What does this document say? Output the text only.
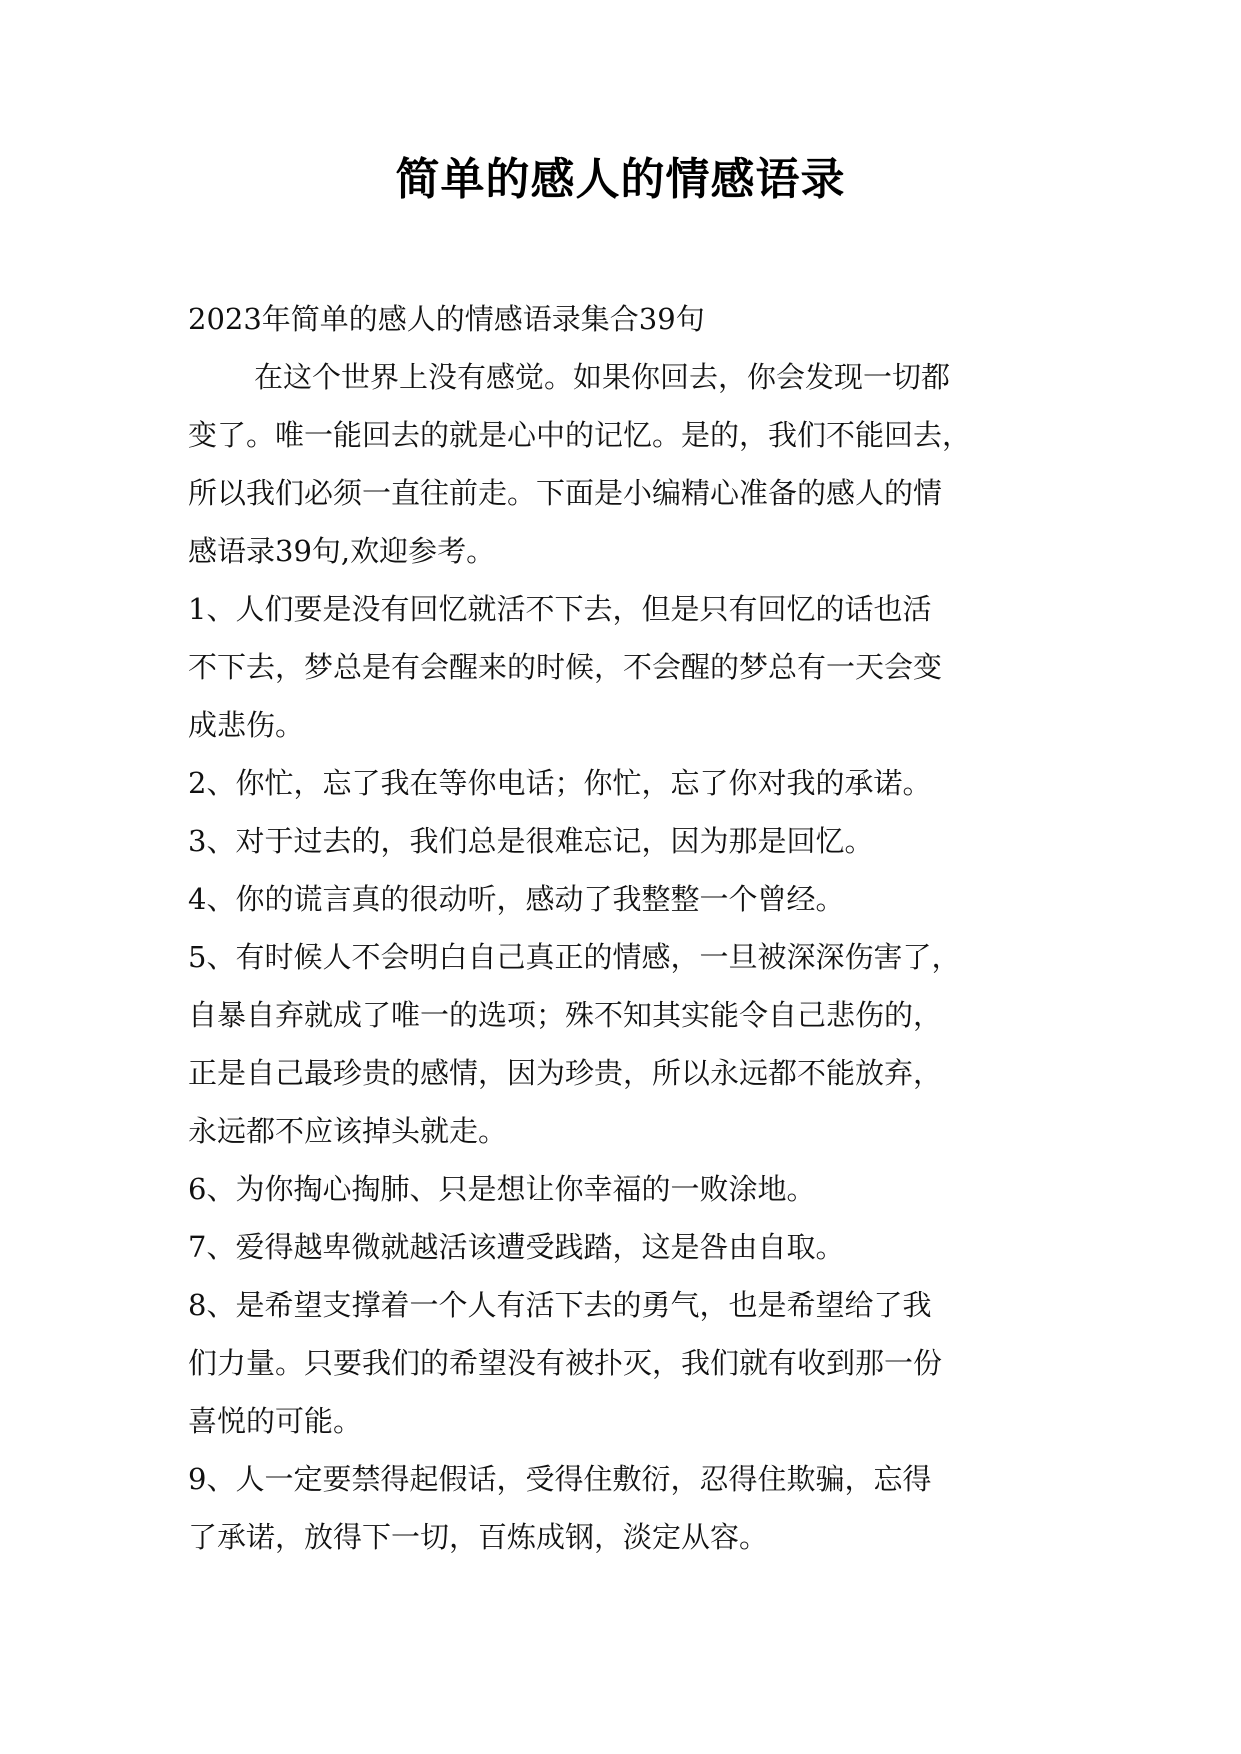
简单的感人的情感语录
2023年简单的感人的情感语录集合39句
在这个世界上没有感觉。如果你回去，你会发现一切都
变了。唯一能回去的就是心中的记忆。是的，我们不能回去，
所以我们必须一直往前走。下面是小编精心准备的感人的情
感语录39句,欢迎参考。
1、人们要是没有回忆就活不下去，但是只有回忆的话也活
不下去，梦总是有会醒来的时候，不会醒的梦总有一天会变
成悲伤。
2、你忙，忘了我在等你电话；你忙，忘了你对我的承诺。
3、对于过去的，我们总是很难忘记，因为那是回忆。
4、你的谎言真的很动听，感动了我整整一个曾经。
5、有时候人不会明白自己真正的情感，一旦被深深伤害了，
自暴自弃就成了唯一的选项；殊不知其实能令自己悲伤的，
正是自己最珍贵的感情，因为珍贵，所以永远都不能放弃，
永远都不应该掉头就走。
6、为你掏心掏肺、只是想让你幸福的一败涂地。
7、爱得越卑微就越活该遭受践踏，这是咎由自取。
8、是希望支撑着一个人有活下去的勇气，也是希望给了我
们力量。只要我们的希望没有被扑灭，我们就有收到那一份
喜悦的可能。
9、人一定要禁得起假话，受得住敷衍，忍得住欺骗，忘得
了承诺，放得下一切，百炼成钢，淡定从容。
